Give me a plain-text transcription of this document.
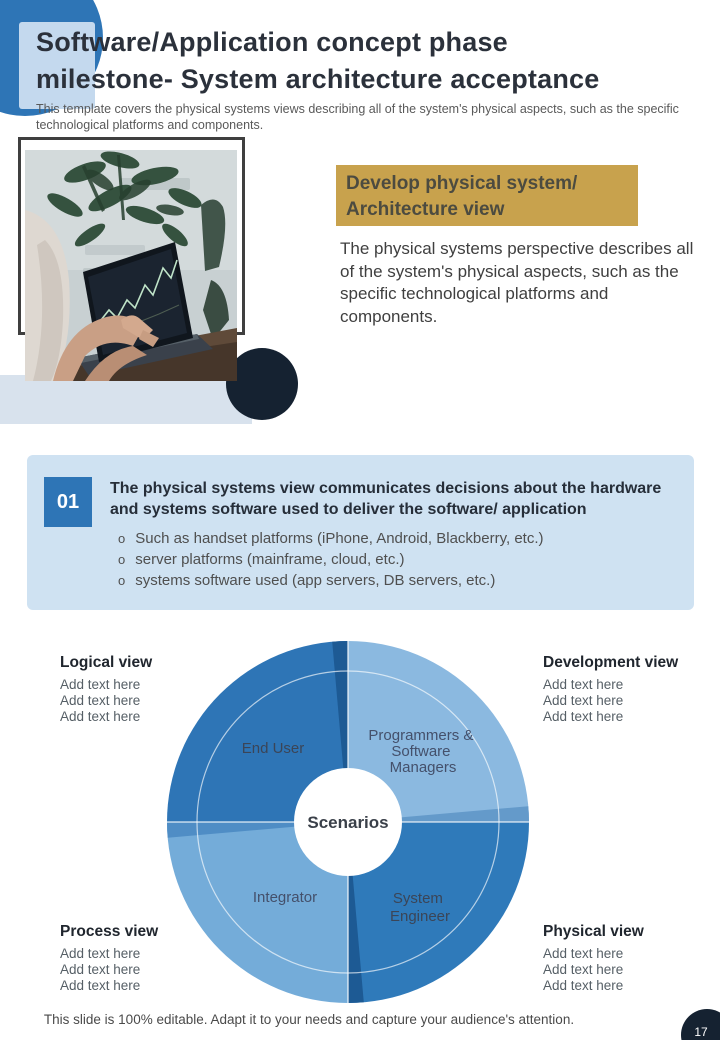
Software/Application concept phase
milestone- System architecture acceptance
This template covers the physical systems views describing all of the system's physical aspects, such as the specific technological platforms and components.
Develop physical system/
Architecture view
The physical systems perspective describes all of the system's physical aspects, such as the specific technological platforms and components.
01
The physical systems view communicates decisions about the hardware and systems software used to deliver the software/ application
o Such as handset platforms (iPhone, Android, Blackberry, etc.)
o server platforms (mainframe, cloud, etc.)
o systems software used (app servers, DB servers, etc.)
End User
Programmers & Software Managers
Integrator	System Engineer
Scenarios
Logical view
Add text here
Add text here
Add text here
Development view
Add text here
Add text here
Add text here
Process view
Add text here
Add text here
Add text here
Physical view
Add text here
Add text here
Add text here
This slide is 100% editable. Adapt it to your needs and capture your audience's attention.
17
